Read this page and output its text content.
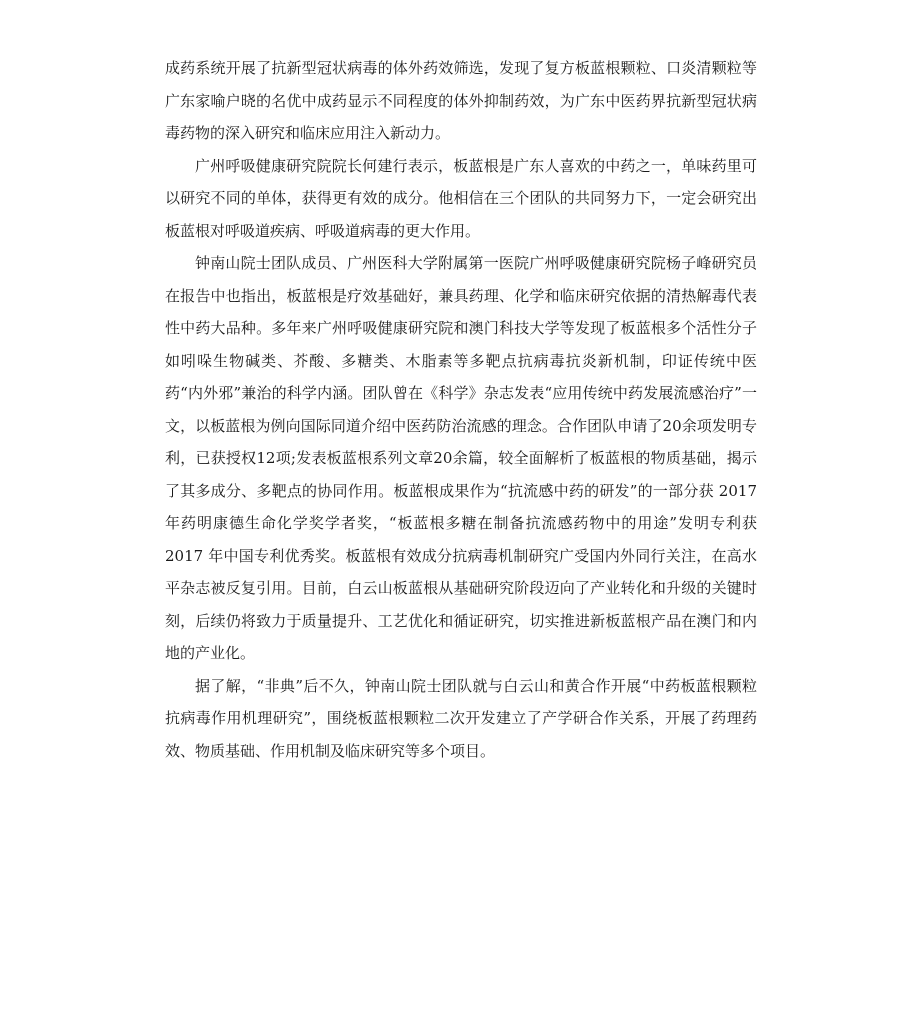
成药系统开展了抗新型冠状病毒的体外药效筛选，发现了复方板蓝根颗粒、口炎清颗粒等广东家喻户晓的名优中成药显示不同程度的体外抑制药效，为广东中医药界抗新型冠状病毒药物的深入研究和临床应用注入新动力。

广州呼吸健康研究院院长何建行表示，板蓝根是广东人喜欢的中药之一，单味药里可以研究不同的单体，获得更有效的成分。他相信在三个团队的共同努力下，一定会研究出板蓝根对呼吸道疾病、呼吸道病毒的更大作用。

钟南山院士团队成员、广州医科大学附属第一医院广州呼吸健康研究院杨子峰研究员在报告中也指出，板蓝根是疗效基础好，兼具药理、化学和临床研究依据的清热解毒代表性中药大品种。多年来广州呼吸健康研究院和澳门科技大学等发现了板蓝根多个活性分子如吲哚生物碱类、芥酸、多糖类、木脂素等多靶点抗病毒抗炎新机制，印证传统中医药“内外邪”兼治的科学内涵。团队曾在《科学》杂志发表“应用传统中药发展流感治疗”一文，以板蓝根为例向国际同道介绍中医药防治流感的理念。合作团队申请了20余项发明专利，已获授权12项;发表板蓝根系列文章20余篇，较全面解析了板蓝根的物质基础，揭示了其多成分、多靶点的协同作用。板蓝根成果作为“抗流感中药的研发”的一部分获 2017 年药明康德生命化学奖学者奖，“板蓝根多糖在制备抗流感药物中的用途”发明专利获 2017 年中国专利优秀奖。板蓝根有效成分抗病毒机制研究广受国内外同行关注，在高水平杂志被反复引用。目前，白云山板蓝根从基础研究阶段迈向了产业转化和升级的关键时刻，后续仍将致力于质量提升、工艺优化和循证研究，切实推进新板蓝根产品在澳门和内地的产业化。

据了解，“非典”后不久，钟南山院士团队就与白云山和黄合作开展“中药板蓝根颗粒抗病毒作用机理研究”，围绕板蓝根颗粒二次开发建立了产学研合作关系，开展了药理药效、物质基础、作用机制及临床研究等多个项目。
